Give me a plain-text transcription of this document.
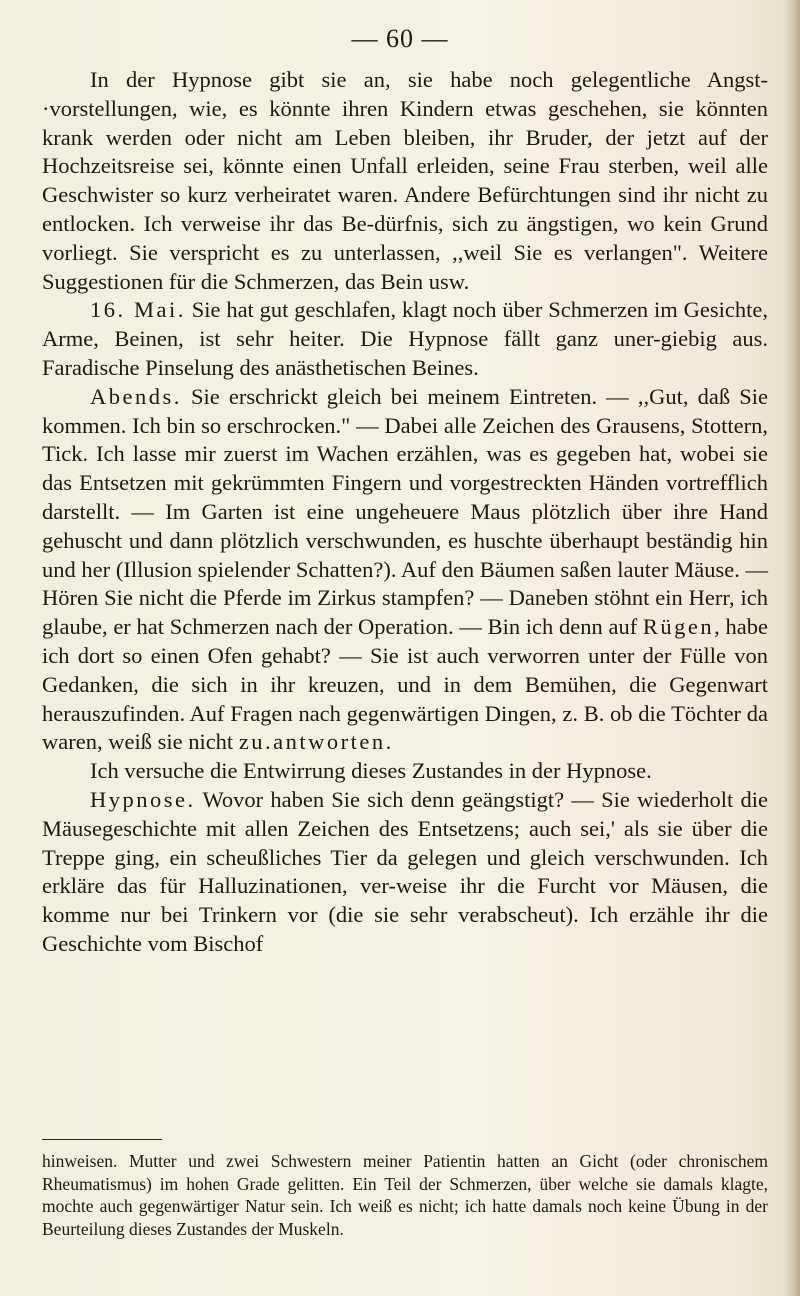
— 60 —

In der Hypnose gibt sie an, sie habe noch gelegentliche Angst-·vorstellungen, wie, es könnte ihren Kindern etwas geschehen, sie könnten krank werden oder nicht am Leben bleiben, ihr Bruder, der jetzt auf der Hochzeitsreise sei, könnte einen Unfall erleiden, seine Frau sterben, weil alle Geschwister so kurz verheiratet waren. Andere Befürchtungen sind ihr nicht zu entlocken. Ich verweise ihr das Be-dürfnis, sich zu ängstigen, wo kein Grund vorliegt. Sie verspricht es zu unterlassen, ,,weil Sie es verlangen". Weitere Suggestionen für die Schmerzen, das Bein usw.

16. Mai. Sie hat gut geschlafen, klagt noch über Schmerzen im Gesichte, Arme, Beinen, ist sehr heiter. Die Hypnose fällt ganz uner-giebig aus. Faradische Pinselung des anästhetischen Beines.

Abends. Sie erschrickt gleich bei meinem Eintreten. — ,,Gut, daß Sie kommen. Ich bin so erschrocken." — Dabei alle Zeichen des Grausens, Stottern, Tick. Ich lasse mir zuerst im Wachen erzählen, was es gegeben hat, wobei sie das Entsetzen mit gekrümmten Fingern und vorgestreckten Händen vortrefflich darstellt. — Im Garten ist eine ungeheuere Maus plötzlich über ihre Hand gehuscht und dann plötzlich verschwunden, es huschte überhaupt beständig hin und her (Illusion spielender Schatten?). Auf den Bäumen saßen lauter Mäuse. — Hören Sie nicht die Pferde im Zirkus stampfen? — Daneben stöhnt ein Herr, ich glaube, er hat Schmerzen nach der Operation. — Bin ich denn auf Rügen, habe ich dort so einen Ofen gehabt? — Sie ist auch verworren unter der Fülle von Gedanken, die sich in ihr kreuzen, und in dem Bemühen, die Gegenwart herauszufinden. Auf Fragen nach gegenwärtigen Dingen, z. B. ob die Töchter da waren, weiß sie nicht zu.antworten.

Ich versuche die Entwirrung dieses Zustandes in der Hypnose.

Hypnose. Wovor haben Sie sich denn geängstigt? — Sie wiederholt die Mäusegeschichte mit allen Zeichen des Entsetzens; auch sei,' als sie über die Treppe ging, ein scheußliches Tier da gelegen und gleich verschwunden. Ich erkläre das für Halluzinationen, ver-weise ihr die Furcht vor Mäusen, die komme nur bei Trinkern vor (die sie sehr verabscheut). Ich erzähle ihr die Geschichte vom Bischof

hinweisen. Mutter und zwei Schwestern meiner Patientin hatten an Gicht (oder chronischem Rheumatismus) im hohen Grade gelitten. Ein Teil der Schmerzen, über welche sie damals klagte, mochte auch gegenwärtiger Natur sein. Ich weiß es nicht; ich hatte damals noch keine Übung in der Beurteilung dieses Zustandes der Muskeln.
